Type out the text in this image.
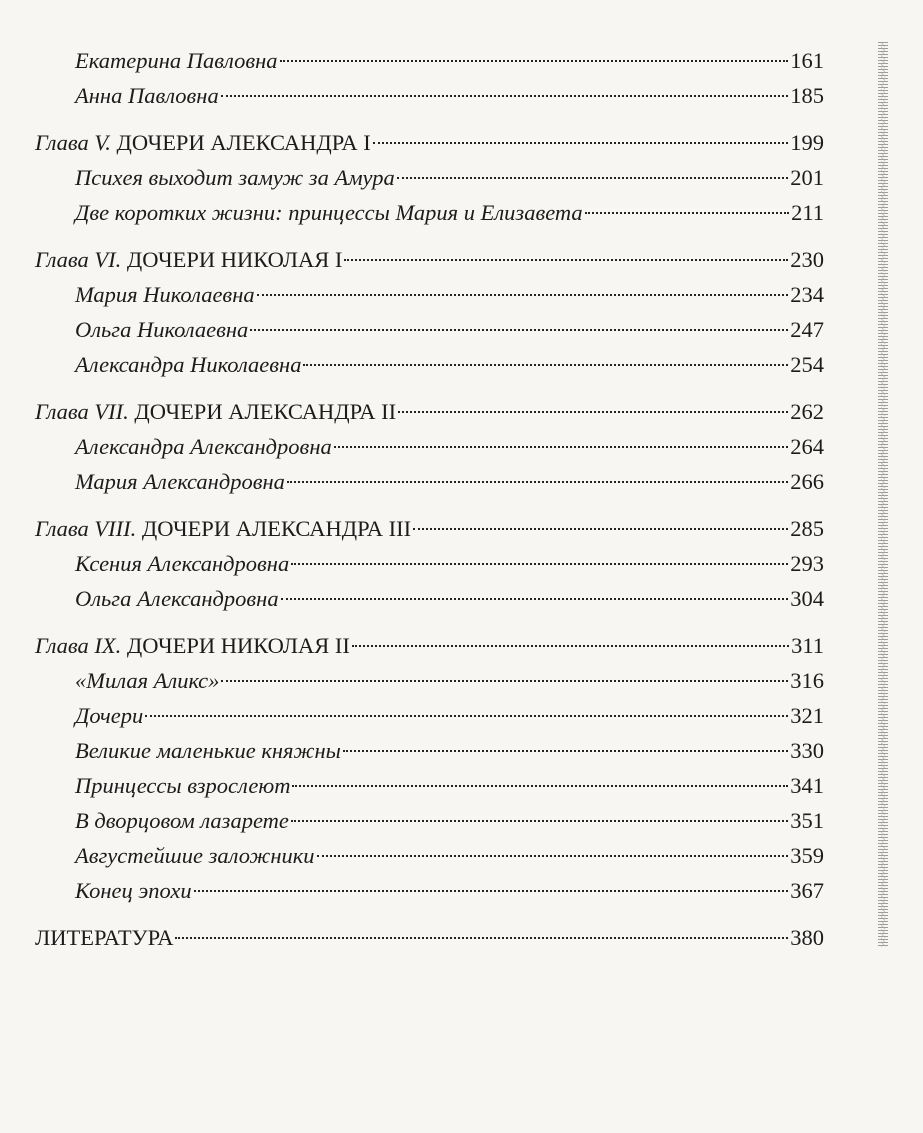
Екатерина Павловна	161
Анна Павловна	185
Глава V. ДОЧЕРИ АЛЕКСАНДРА I	199
Психея выходит замуж за Амура	201
Две коротких жизни: принцессы Мария и Елизавета	211
Глава VI. ДОЧЕРИ НИКОЛАЯ I	230
Мария Николаевна	234
Ольга Николаевна	247
Александра Николаевна	254
Глава VII. ДОЧЕРИ АЛЕКСАНДРА II	262
Александра Александровна	264
Мария Александровна	266
Глава VIII. ДОЧЕРИ АЛЕКСАНДРА III	285
Ксения Александровна	293
Ольга Александровна	304
Глава IX. ДОЧЕРИ НИКОЛАЯ II	311
«Милая Аликс»	316
Дочери	321
Великие маленькие княжны	330
Принцессы взрослеют	341
В дворцовом лазарете	351
Августейшие заложники	359
Конец эпохи	367
ЛИТЕРАТУРА	380
